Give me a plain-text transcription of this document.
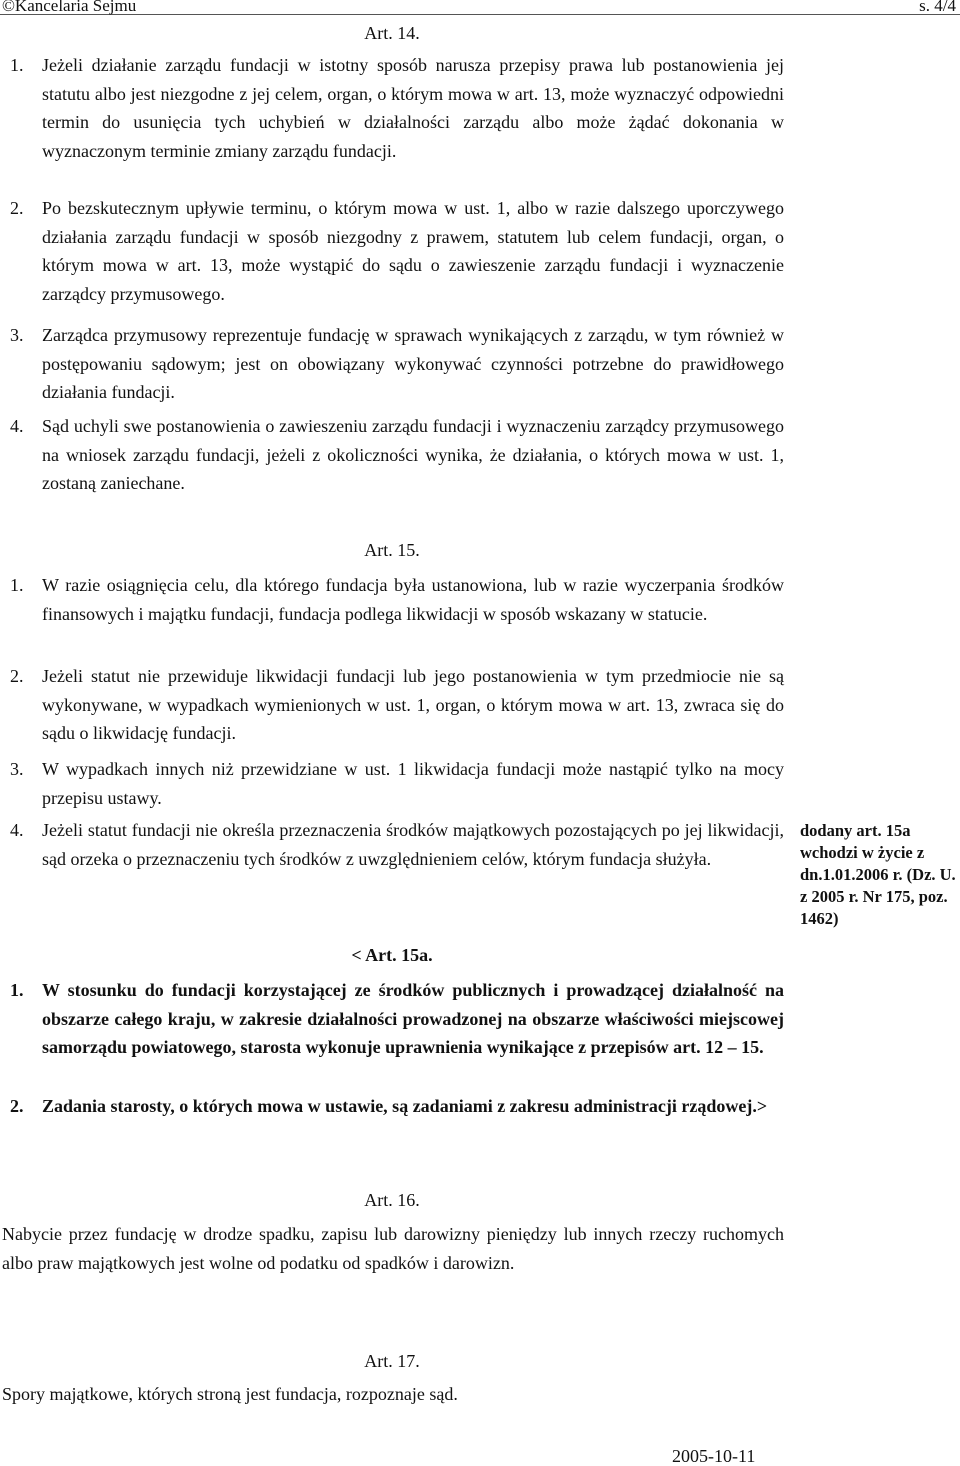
©Kancelaria Sejmu	s. 4/4
Art. 14.
1. Jeżeli działanie zarządu fundacji w istotny sposób narusza przepisy prawa lub postanowienia jej statutu albo jest niezgodne z jej celem, organ, o którym mowa w art. 13, może wyznaczyć odpowiedni termin do usunięcia tych uchybień w działalności zarządu albo może żądać dokonania w wyznaczonym terminie zmiany zarządu fundacji.
2. Po bezskutecznym upływie terminu, o którym mowa w ust. 1, albo w razie dalszego uporczywego działania zarządu fundacji w sposób niezgodny z prawem, statutem lub celem fundacji, organ, o którym mowa w art. 13, może wystąpić do sądu o zawieszenie zarządu fundacji i wyznaczenie zarządcy przymusowego.
3. Zarządca przymusowy reprezentuje fundację w sprawach wynikających z zarządu, w tym również w postępowaniu sądowym; jest on obowiązany wykonywać czynności potrzebne do prawidłowego działania fundacji.
4. Sąd uchyli swe postanowienia o zawieszeniu zarządu fundacji i wyznaczeniu zarządcy przymusowego na wniosek zarządu fundacji, jeżeli z okoliczności wynika, że działania, o których mowa w ust. 1, zostaną zaniechane.
Art. 15.
1. W razie osiągnięcia celu, dla którego fundacja była ustanowiona, lub w razie wyczerpania środków finansowych i majątku fundacji, fundacja podlega likwidacji w sposób wskazany w statucie.
2. Jeżeli statut nie przewiduje likwidacji fundacji lub jego postanowienia w tym przedmiocie nie są wykonywane, w wypadkach wymienionych w ust. 1, organ, o którym mowa w art. 13, zwraca się do sądu o likwidację fundacji.
3. W wypadkach innych niż przewidziane w ust. 1 likwidacja fundacji może nastąpić tylko na mocy przepisu ustawy.
4. Jeżeli statut fundacji nie określa przeznaczenia środków majątkowych pozostających po jej likwidacji, sąd orzeka o przeznaczeniu tych środków z uwzględnieniem celów, którym fundacja służyła.
dodany art. 15a wchodzi w życie z dn.1.01.2006 r. (Dz. U. z 2005 r. Nr 175, poz. 1462)
< Art. 15a.
1. W stosunku do fundacji korzystającej ze środków publicznych i prowadzącej działalność na obszarze całego kraju, w zakresie działalności prowadzonej na obszarze właściwości miejscowej samorządu powiatowego, starosta wykonuje uprawnienia wynikające z przepisów art. 12 – 15.
2. Zadania starosty, o których mowa w ustawie, są zadaniami z zakresu administracji rządowej.>
Art. 16.
Nabycie przez fundację w drodze spadku, zapisu lub darowizny pieniędzy lub innych rzeczy ruchomych albo praw majątkowych jest wolne od podatku od spadków i darowizn.
Art. 17.
Spory majątkowe, których stroną jest fundacja, rozpoznaje sąd.
2005-10-11
